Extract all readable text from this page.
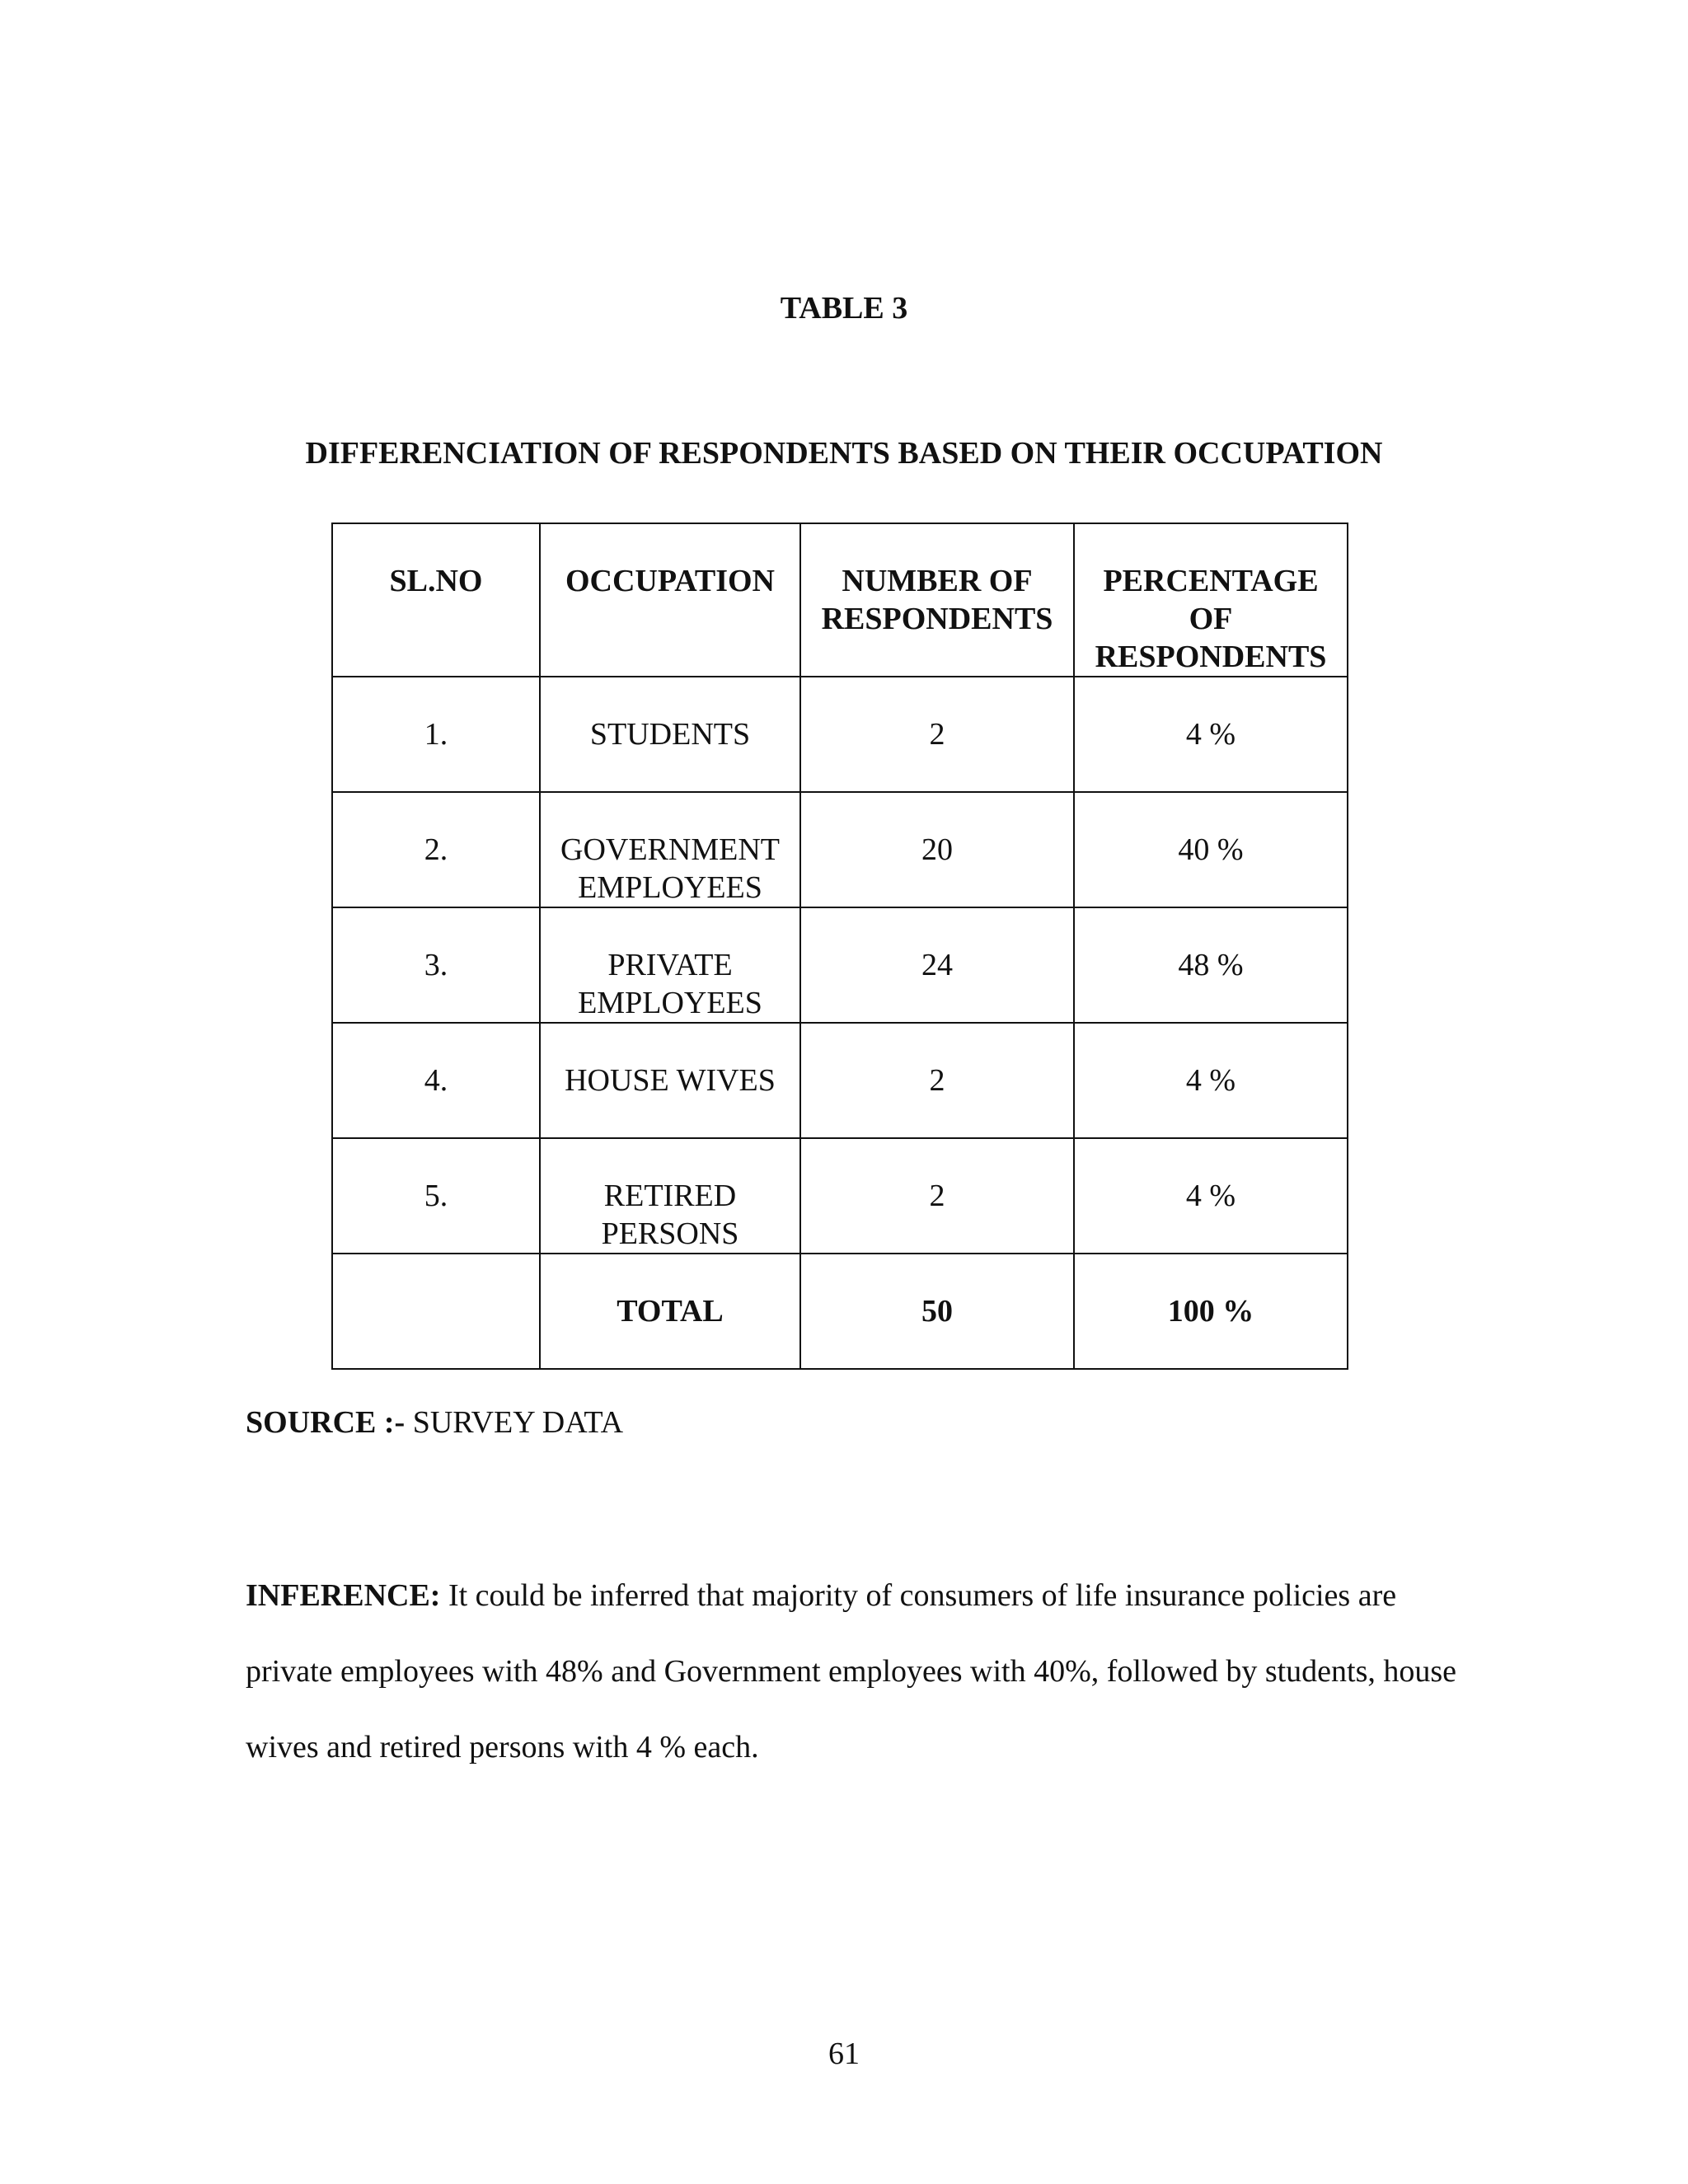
TABLE 3
DIFFERENCIATION OF RESPONDENTS BASED ON THEIR OCCUPATION
SL.NO	OCCUPATION	NUMBER OF RESPONDENTS	PERCENTAGE OF RESPONDENTS
1.	STUDENTS	2	4 %
2.	GOVERNMENT EMPLOYEES	20	40 %
3.	PRIVATE EMPLOYEES	24	48 %
4.	HOUSE WIVES	2	4 %
5.	RETIRED PERSONS	2	4 %
	TOTAL	50	100 %

SOURCE :- SURVEY DATA

INFERENCE: It could be inferred that majority of consumers of life insurance policies are private employees with 48% and Government employees with 40%, followed by students, house wives and retired persons with 4 % each.

61
